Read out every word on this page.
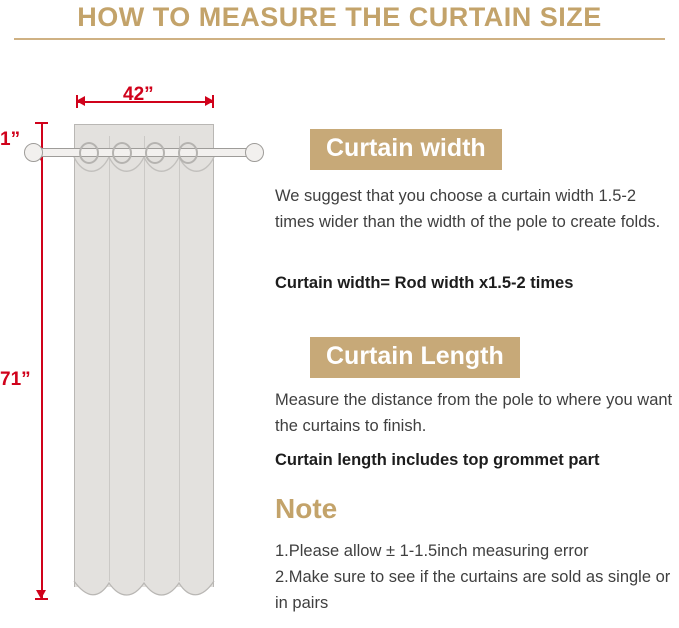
HOW TO MEASURE THE CURTAIN SIZE
42”
1”
71”
Curtain width
We suggest that you choose a curtain width 1.5-2 times wider than the width of the pole to create folds.
Curtain width= Rod width x1.5-2 times
Curtain Length
Measure the distance from the pole to where you want the curtains to finish.
Curtain length includes top grommet part
Note
1.Please allow ± 1-1.5inch measuring error
2.Make sure to see if the curtains are sold as single or in pairs
